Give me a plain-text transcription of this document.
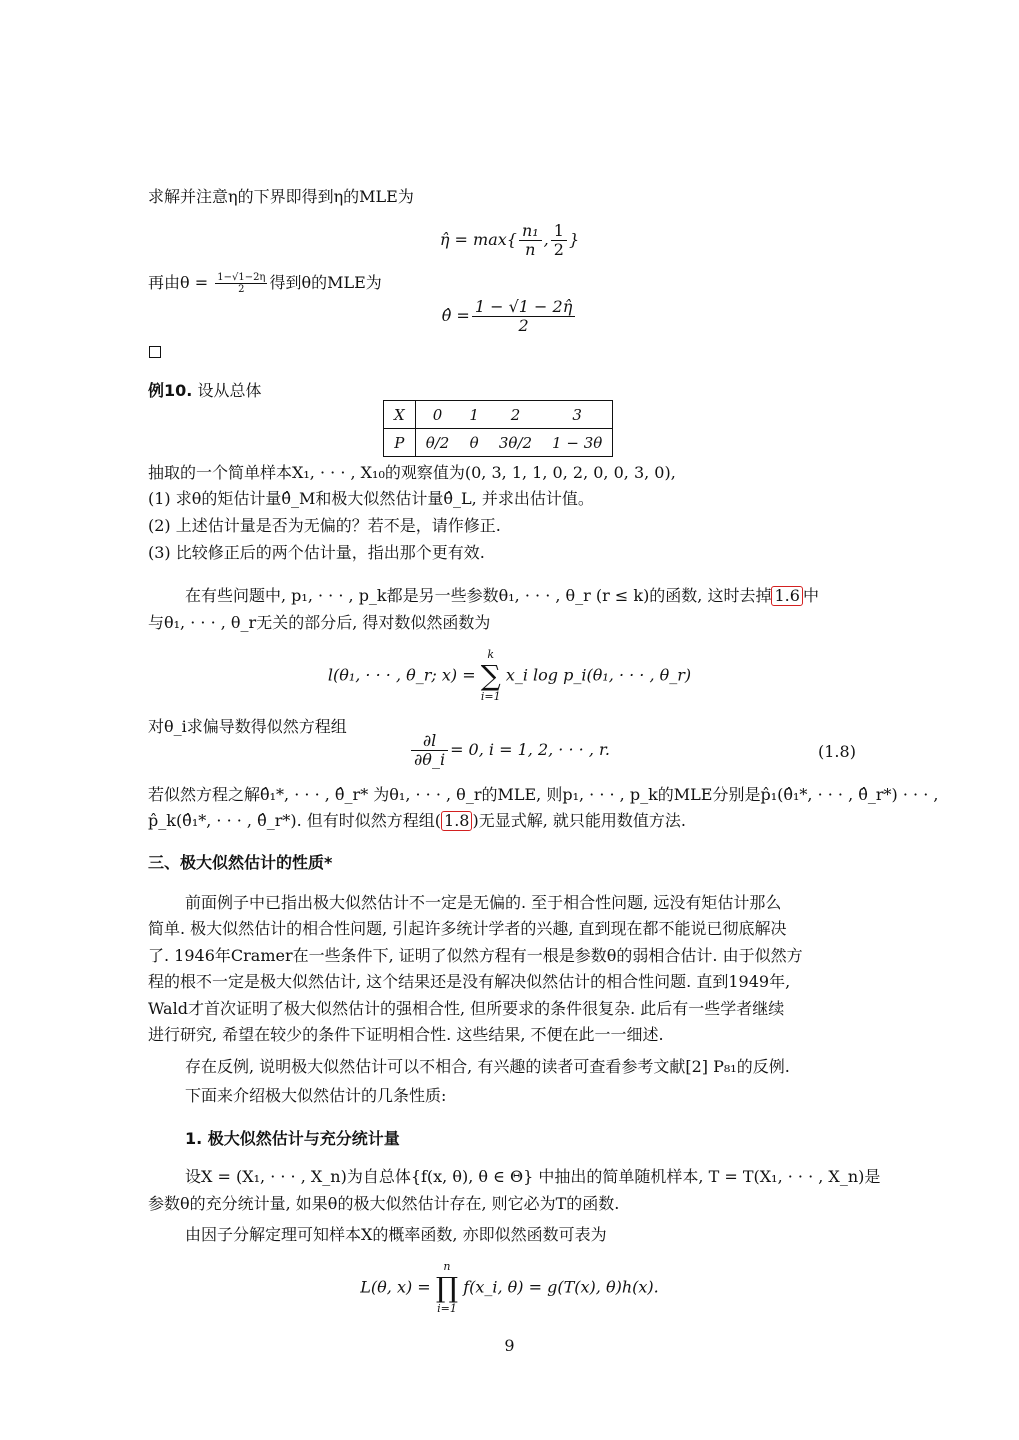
求解并注意η的下界即得到η的MLE为
η̂ = $\max\{ \frac{\text{n₁}}{n}$ , $\frac{1}{2}$ }
再由$\theta = \frac{1-√1-2\eta}{2}$ 得到θ的MLE为
θ̂ = $\frac{1 - √1 - 2\etâ}{2}$
例10. 设从总体
X	0	1	2	3
P	θ/2	θ	3θ/2	1 − 3θ
抽取的一个简单样本X₁, · · · , X₁₀的观察值为(0, 3, 1, 1, 0, 2, 0, 0, 3, 0),
(1) 求θ的矩估计量θ̂_M和极大似然估计量θ̂_L, 并求出估计值。
(2) 上述估计量是否为无偏的？若不是，请作修正.
(3) 比较修正后的两个估计量，指出那个更有效.
在有些问题中, p₁, · · · , p_k都是另一些参数θ₁, · · · , θ_r (r ≤ k)的函数, 这时去掉 1.6 中
与θ₁, · · · , θ_r无关的部分后, 得对数似然函数为
l(θ₁, · · · , θ_r; x) =
k
∑
i=1
x_i log p_i(θ₁, · · · , θ_r)
对θ_i求偏导数得似然方程组
$\frac{\partial l}{\partial\theta\_i} = 0$, i = 1, 2, · · · , r.	(1.8)
若似然方程之解θ̂₁*, · · · , θ̂_r* 为θ₁, · · · , θ_r的MLE, 则p₁, · · · , p_k的MLE分别是p̂₁(θ̂₁*, · · · , θ̂_r*) · · · ,
p̂_k(θ̂₁*, · · · , θ̂_r*). 但有时似然方程组( 1.8 )无显式解, 就只能用数值方法.
三、极大似然估计的性质*
前面例子中已指出极大似然估计不一定是无偏的. 至于相合性问题, 远没有矩估计那么
简单. 极大似然估计的相合性问题, 引起许多统计学者的兴趣, 直到现在都不能说已彻底解决
了. 1946年Cramer在一些条件下, 证明了似然方程有一根是参数θ的弱相合估计. 由于似然方
程的根不一定是极大似然估计, 这个结果还是没有解决似然估计的相合性问题. 直到1949年,
Wald才首次证明了极大似然估计的强相合性, 但所要求的条件很复杂. 此后有一些学者继续
进行研究, 希望在较少的条件下证明相合性. 这些结果, 不便在此一一细述.
存在反例, 说明极大似然估计可以不相合, 有兴趣的读者可查看参考文献[2] P₈₁的反例.
下面来介绍极大似然估计的几条性质:
1. 极大似然估计与充分统计量
设X = (X₁, · · · , X_n)为自总体{f(x, θ), θ ∈ Θ} 中抽出的简单随机样本, T = T(X₁, · · · , X_n)是
参数θ的充分统计量, 如果θ的极大似然估计存在, 则它必为T的函数.
由因子分解定理可知样本X的概率函数, 亦即似然函数可表为
L(θ, x) =
n
∏
i=1
f(x_i, θ) = g(T(x), θ)h(x).
9
